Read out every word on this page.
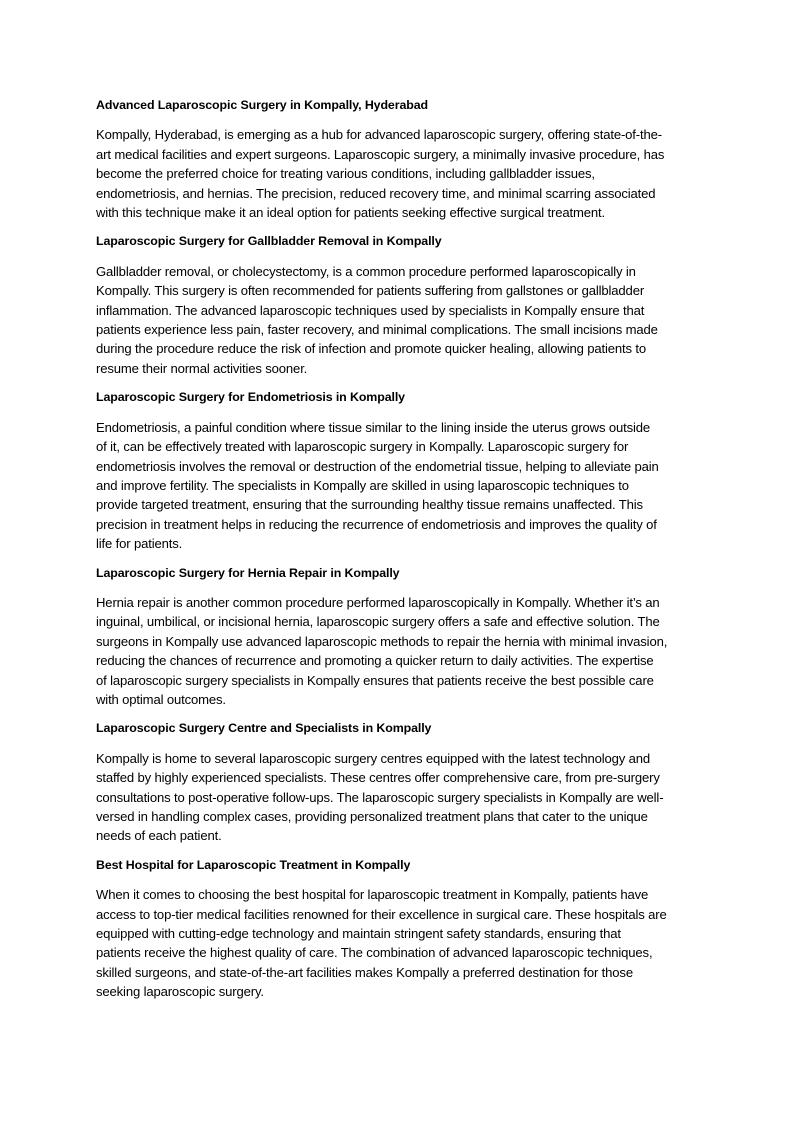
Advanced Laparoscopic Surgery in Kompally, Hyderabad
Kompally, Hyderabad, is emerging as a hub for advanced laparoscopic surgery, offering state-of-the-
art medical facilities and expert surgeons. Laparoscopic surgery, a minimally invasive procedure, has
become the preferred choice for treating various conditions, including gallbladder issues,
endometriosis, and hernias. The precision, reduced recovery time, and minimal scarring associated
with this technique make it an ideal option for patients seeking effective surgical treatment.
Laparoscopic Surgery for Gallbladder Removal in Kompally
Gallbladder removal, or cholecystectomy, is a common procedure performed laparoscopically in
Kompally. This surgery is often recommended for patients suffering from gallstones or gallbladder
inflammation. The advanced laparoscopic techniques used by specialists in Kompally ensure that
patients experience less pain, faster recovery, and minimal complications. The small incisions made
during the procedure reduce the risk of infection and promote quicker healing, allowing patients to
resume their normal activities sooner.
Laparoscopic Surgery for Endometriosis in Kompally
Endometriosis, a painful condition where tissue similar to the lining inside the uterus grows outside
of it, can be effectively treated with laparoscopic surgery in Kompally. Laparoscopic surgery for
endometriosis involves the removal or destruction of the endometrial tissue, helping to alleviate pain
and improve fertility. The specialists in Kompally are skilled in using laparoscopic techniques to
provide targeted treatment, ensuring that the surrounding healthy tissue remains unaffected. This
precision in treatment helps in reducing the recurrence of endometriosis and improves the quality of
life for patients.
Laparoscopic Surgery for Hernia Repair in Kompally
Hernia repair is another common procedure performed laparoscopically in Kompally. Whether it’s an
inguinal, umbilical, or incisional hernia, laparoscopic surgery offers a safe and effective solution. The
surgeons in Kompally use advanced laparoscopic methods to repair the hernia with minimal invasion,
reducing the chances of recurrence and promoting a quicker return to daily activities. The expertise
of laparoscopic surgery specialists in Kompally ensures that patients receive the best possible care
with optimal outcomes.
Laparoscopic Surgery Centre and Specialists in Kompally
Kompally is home to several laparoscopic surgery centres equipped with the latest technology and
staffed by highly experienced specialists. These centres offer comprehensive care, from pre-surgery
consultations to post-operative follow-ups. The laparoscopic surgery specialists in Kompally are well-
versed in handling complex cases, providing personalized treatment plans that cater to the unique
needs of each patient.
Best Hospital for Laparoscopic Treatment in Kompally
When it comes to choosing the best hospital for laparoscopic treatment in Kompally, patients have
access to top-tier medical facilities renowned for their excellence in surgical care. These hospitals are
equipped with cutting-edge technology and maintain stringent safety standards, ensuring that
patients receive the highest quality of care. The combination of advanced laparoscopic techniques,
skilled surgeons, and state-of-the-art facilities makes Kompally a preferred destination for those
seeking laparoscopic surgery.
